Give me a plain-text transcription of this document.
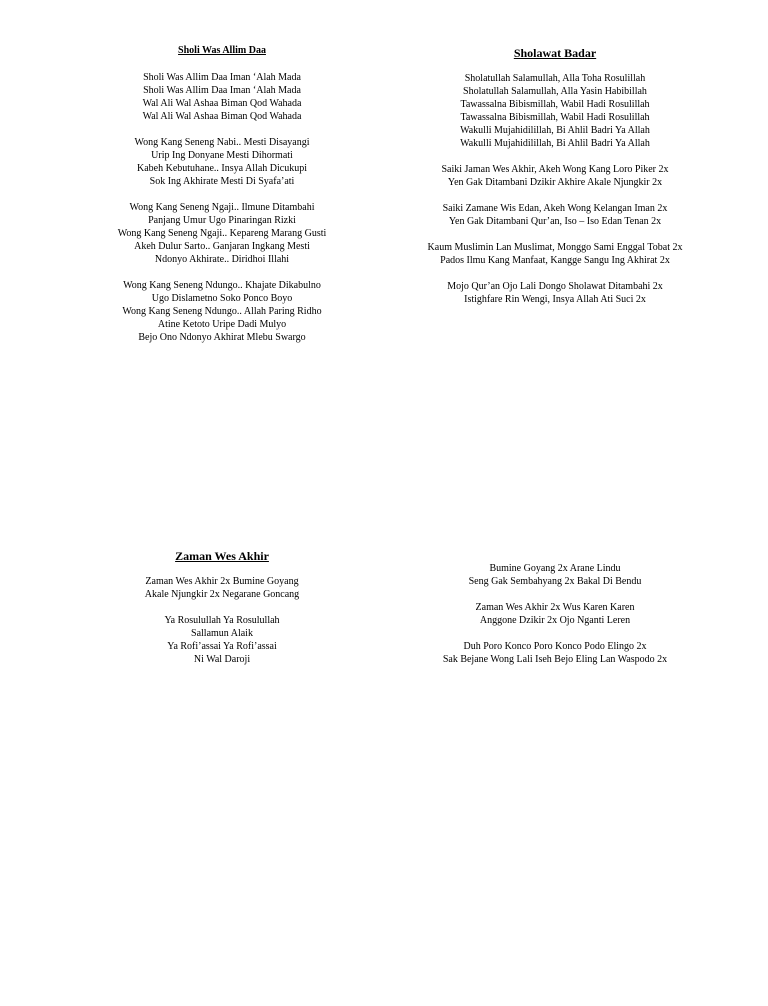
Sholi Was Allim Daa

Sholi Was Allim Daa Iman ‘Alah Mada
Sholi Was Allim Daa Iman ‘Alah Mada
Wal Ali Wal Ashaa Biman Qod Wahada
Wal Ali Wal Ashaa Biman Qod Wahada
Wong Kang Seneng Nabi.. Mesti Disayangi
Urip Ing Donyane Mesti Dihormati
Kabeh Kebutuhane.. Insya Allah Dicukupi
Sok Ing Akhirate Mesti Di Syafa’ati
Wong Kang Seneng Ngaji.. Ilmune Ditambahi
Panjang Umur Ugo Pinaringan Rizki
Wong Kang Seneng Ngaji.. Kepareng Marang Gusti
Akeh Dulur Sarto.. Ganjaran Ingkang Mesti
Ndonyo Akhirate.. Diridhoi Illahi
Wong Kang Seneng Ndungo.. Khajate Dikabulno
Ugo Dislametno Soko Ponco Boyo
Wong Kang Seneng Ndungo.. Allah Paring Ridho
Atine Ketoto Uripe Dadi Mulyo
Bejo Ono Ndonyo Akhirat Mlebu Swargo

Sholawat Badar

Sholatullah Salamullah, Alla Toha Rosulillah
Sholatullah Salamullah, Alla Yasin Habibillah
Tawassalna Bibismillah, Wabil Hadi Rosulillah
Tawassalna Bibismillah, Wabil Hadi Rosulillah
Wakulli Mujahidilillah, Bi Ahlil Badri Ya Allah
Wakulli Mujahidilillah, Bi Ahlil Badri Ya Allah
Saiki Jaman Wes Akhir, Akeh Wong Kang Loro Piker 2x
Yen Gak Ditambani Dzikir Akhire Akale Njungkir 2x
Saiki Zamane Wis Edan, Akeh Wong Kelangan Iman 2x
Yen Gak Ditambani Qur’an, Iso – Iso Edan Tenan 2x
Kaum Muslimin Lan Muslimat, Monggo Sami Enggal Tobat 2x
Pados Ilmu Kang Manfaat, Kangge Sangu Ing Akhirat 2x
Mojo Qur’an Ojo Lali Dongo Sholawat Ditambahi 2x
Istighfare Rin Wengi, Insya Allah Ati Suci 2x

Zaman Wes Akhir

Zaman Wes Akhir 2x Bumine Goyang
Akale Njungkir 2x Negarane Goncang
Ya Rosulullah Ya Rosulullah
Sallamun Alaik
Ya Rofi’assai Ya Rofi’assai
Ni Wal Daroji
Bumine Goyang 2x Arane Lindu
Seng Gak Sembahyang 2x Bakal Di Bendu
Zaman Wes Akhir 2x Wus Karen Karen
Anggone Dzikir 2x Ojo Nganti Leren
Duh Poro Konco Poro Konco Podo Elingo 2x
Sak Bejane Wong Lali Iseh Bejo Eling Lan Waspodo 2x
